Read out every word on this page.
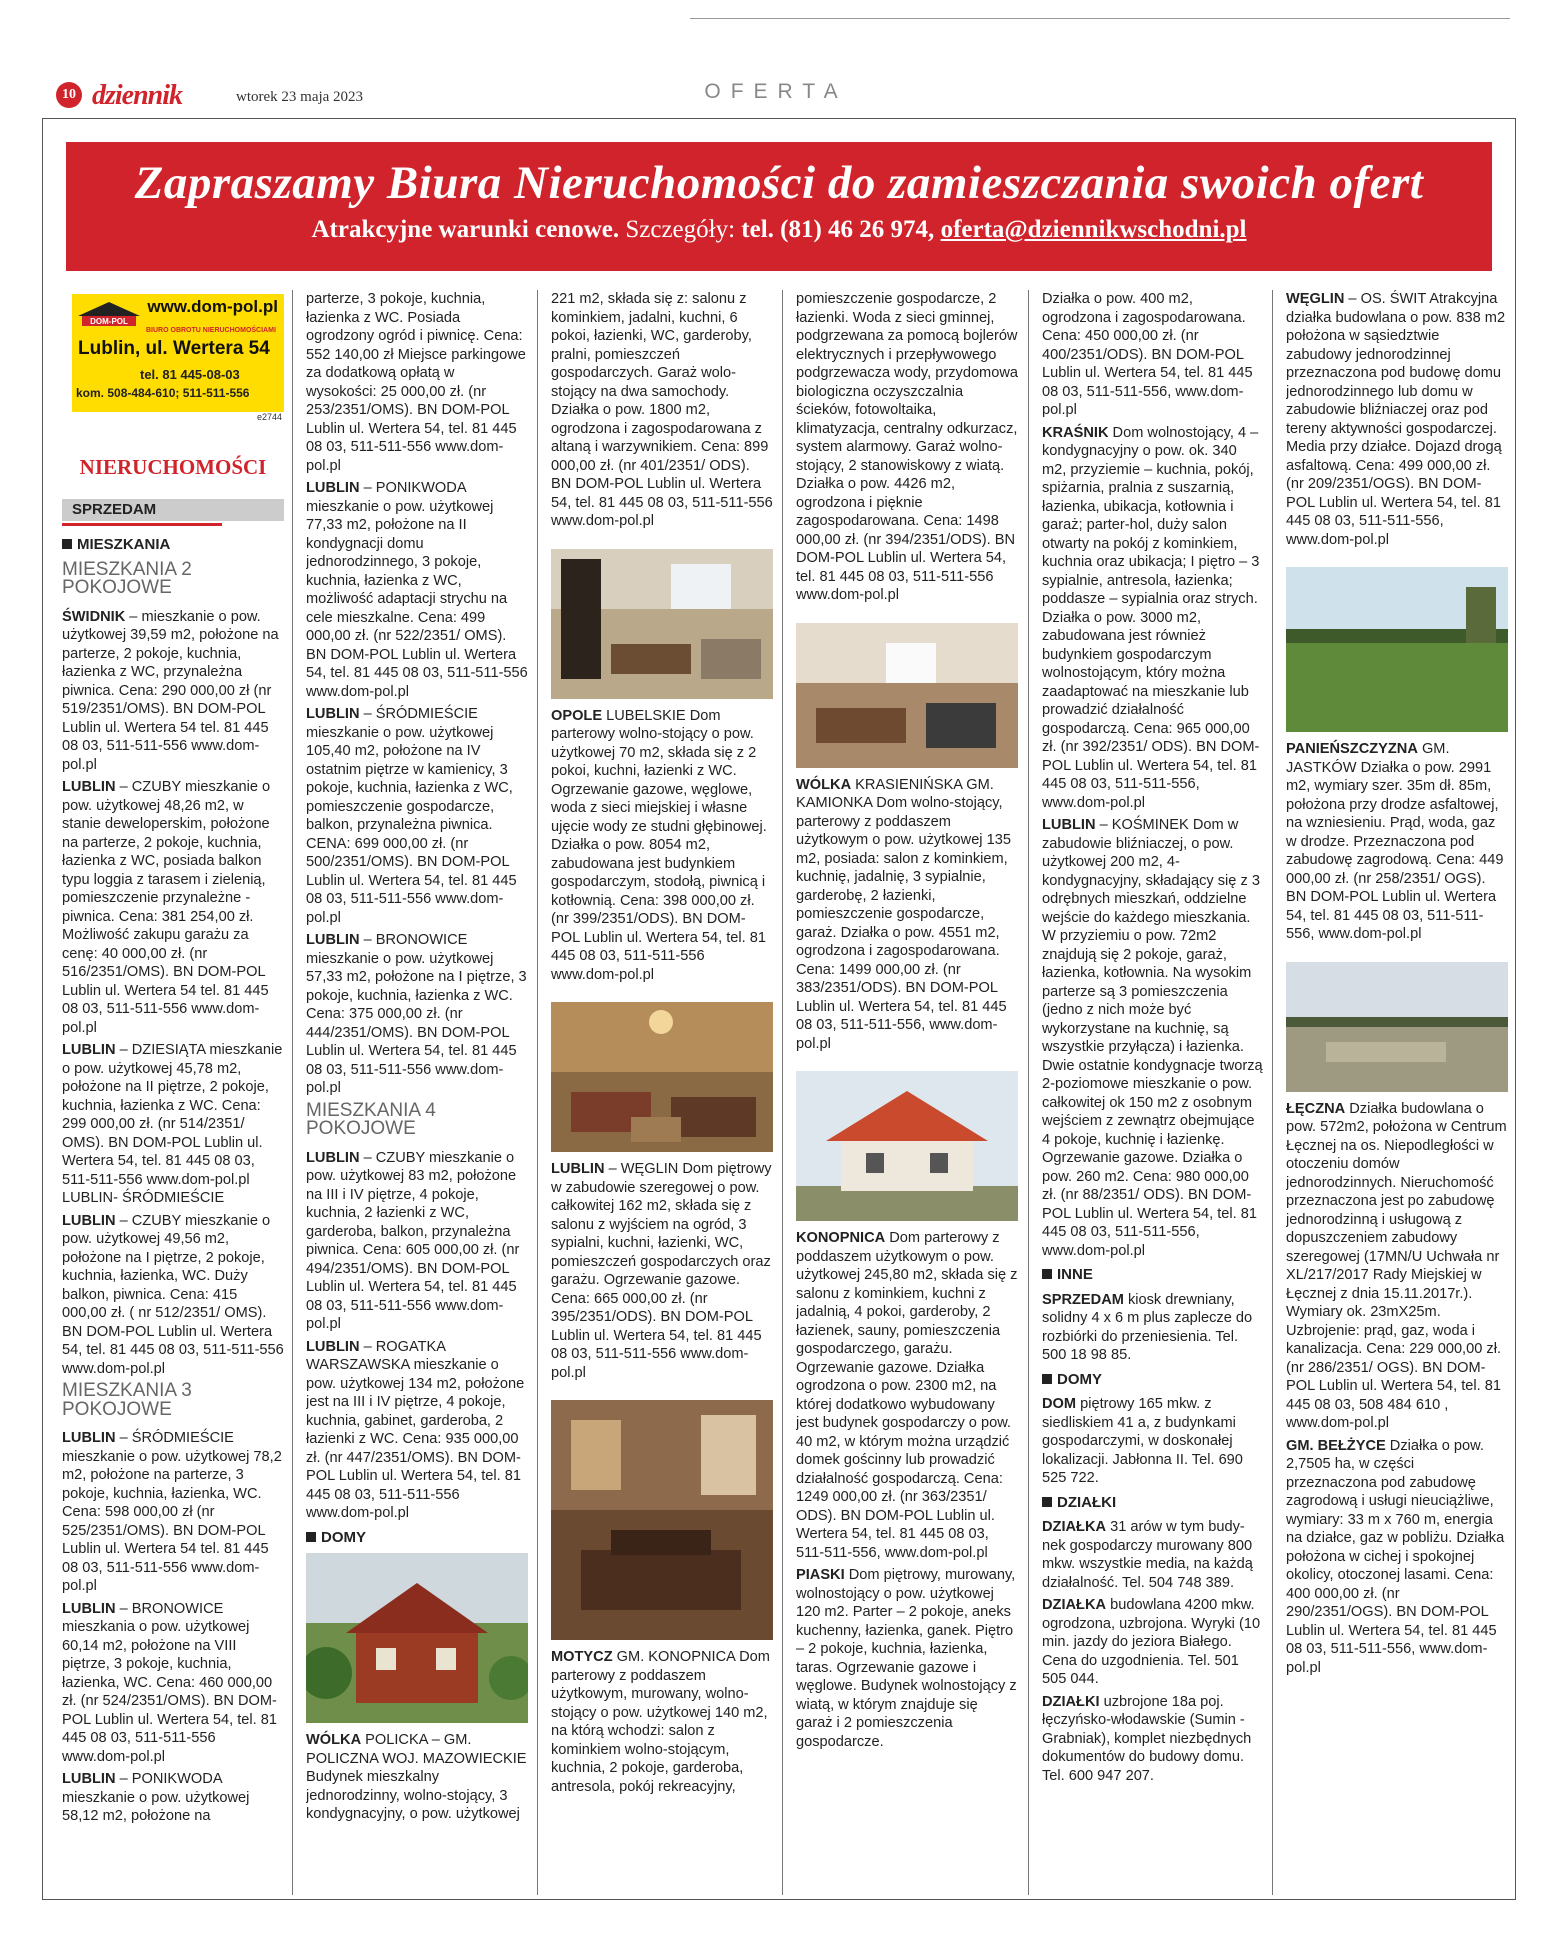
10 dziennik	wtorek 23 maja 2023	OFERTA
Zapraszamy Biura Nieruchomości do zamieszczania swoich ofert

Atrakcyjne warunki cenowe. Szczegóły: tel. (81) 46 26 974, oferta@dziennikwschodni.pl

DOM-POL
www.dom-pol.pl
BIURO OBROTU NIERUCHOMOŚCIAMI
Lublin, ul. Wertera 54
tel. 81 445-08-03
kom. 508-484-610; 511-511-556
e2744
NIERUCHOMOŚCI
SPRZEDAM
MIESZKANIA
MIESZKANIA 2 POKOJOWE

ŚWIDNIK – mieszkanie o pow. użytkowej 39,59 m2, położone na parterze, 2 pokoje, kuchnia, łazienka z WC, przynależna piwnica. Cena: 290 000,00 zł (nr 519/2351/OMS). BN DOM-POL Lublin ul. Wertera 54 tel. 81 445 08 03, 511-511-556 www.dom-pol.pl

LUBLIN – CZUBY mieszkanie o pow. użytkowej 48,26 m2, w stanie deweloperskim, położone na parterze, 2 pokoje, kuchnia, łazienka z WC, posiada balkon typu loggia z tarasem i zielenią, pomieszczenie przynależne - piwnica. Cena: 381 254,00 zł. Możliwość zakupu garażu za cenę: 40 000,00 zł. (nr 516/2351/OMS). BN DOM-POL Lublin ul. Wertera 54 tel. 81 445 08 03, 511-511-556 www.dom-pol.pl

LUBLIN – DZIESIĄTA mieszkanie o pow. użytkowej 45,78 m2, położone na II piętrze, 2 pokoje, kuchnia, łazienka z WC. Cena: 299 000,00 zł. (nr 514/2351/ OMS). BN DOM-POL Lublin ul. Wertera 54, tel. 81 445 08 03, 511-511-556 www.dom-pol.pl LUBLIN- ŚRÓDMIEŚCIE

LUBLIN – CZUBY mieszkanie o pow. użytkowej 49,56 m2, położone na I piętrze, 2 pokoje, kuchnia, łazienka, WC. Duży balkon, piwnica. Cena: 415 000,00 zł. ( nr 512/2351/ OMS). BN DOM-POL Lublin ul. Wertera 54, tel. 81 445 08 03, 511-511-556 www.dom-pol.pl

MIESZKANIA 3 POKOJOWE

LUBLIN – ŚRÓDMIEŚCIE mieszkanie o pow. użytkowej 78,2 m2, położone na parterze, 3 pokoje, kuchnia, łazienka, WC. Cena: 598 000,00 zł (nr 525/2351/OMS). BN DOM-POL Lublin ul. Wertera 54 tel. 81 445 08 03, 511-511-556 www.dom-pol.pl

LUBLIN – BRONOWICE mieszkania o pow. użytkowej 60,14 m2, położone na VIII piętrze, 3 pokoje, kuchnia, łazienka, WC. Cena: 460 000,00 zł. (nr 524/2351/OMS). BN DOM-POL Lublin ul. Wertera 54, tel. 81 445 08 03, 511-511-556 www.dom-pol.pl

LUBLIN – PONIKWODA mieszkanie o pow. użytkowej 58,12 m2, położone na

parterze, 3 pokoje, kuchnia, łazienka z WC. Posiada ogrodzony ogród i piwnicę. Cena: 552 140,00 zł Miejsce parkingowe za dodatkową opłatą w wysokości: 25 000,00 zł. (nr 253/2351/OMS). BN DOM-POL Lublin ul. Wertera 54, tel. 81 445 08 03, 511-511-556 www.dom-pol.pl

LUBLIN – PONIKWODA mieszkanie o pow. użytkowej 77,33 m2, położone na II kondygnacji domu jednorodzinnego, 3 pokoje, kuchnia, łazienka z WC, możliwość adaptacji strychu na cele mieszkalne. Cena: 499 000,00 zł. (nr 522/2351/ OMS). BN DOM-POL Lublin ul. Wertera 54, tel. 81 445 08 03, 511-511-556 www.dom-pol.pl

LUBLIN – ŚRÓDMIEŚCIE mieszkanie o pow. użytkowej 105,40 m2, położone na IV ostatnim piętrze w kamienicy, 3 pokoje, kuchnia, łazienka z WC, pomieszczenie gospodarcze, balkon, przynależna piwnica. CENA: 699 000,00 zł. (nr 500/2351/OMS). BN DOM-POL Lublin ul. Wertera 54, tel. 81 445 08 03, 511-511-556 www.dom-pol.pl

LUBLIN – BRONOWICE mieszkanie o pow. użytkowej 57,33 m2, położone na I piętrze, 3 pokoje, kuchnia, łazienka z WC. Cena: 375 000,00 zł. (nr 444/2351/OMS). BN DOM-POL Lublin ul. Wertera 54, tel. 81 445 08 03, 511-511-556 www.dom-pol.pl

MIESZKANIA 4 POKOJOWE

LUBLIN – CZUBY mieszkanie o pow. użytkowej 83 m2, położone na III i IV piętrze, 4 pokoje, kuchnia, 2 łazienki z WC, garderoba, balkon, przynależna piwnica. Cena: 605 000,00 zł. (nr 494/2351/OMS). BN DOM-POL Lublin ul. Wertera 54, tel. 81 445 08 03, 511-511-556 www.dom-pol.pl

LUBLIN – ROGATKA WARSZAWSKA mieszkanie o pow. użytkowej 134 m2, położone jest na III i IV piętrze, 4 pokoje, kuchnia, gabinet, garderoba, 2 łazienki z WC. Cena: 935 000,00 zł. (nr 447/2351/OMS). BN DOM-POL Lublin ul. Wertera 54, tel. 81 445 08 03, 511-511-556 www.dom-pol.pl

DOMY

WÓLKA POLICKA – GM. POLICZNA WOJ. MAZOWIECKIE Budynek mieszkalny jednorodzinny, wolno-stojący, 3 kondygnacyjny, o pow. użytkowej

221 m2, składa się z: salonu z kominkiem, jadalni, kuchni, 6 pokoi, łazienki, WC, garderoby, pralni, pomieszczeń gospodarczych. Garaż wolo-stojący na dwa samochody. Działka o pow. 1800 m2, ogrodzona i zagospodarowana z altaną i warzywnikiem. Cena: 899 000,00 zł. (nr 401/2351/ ODS). BN DOM-POL Lublin ul. Wertera 54, tel. 81 445 08 03, 511-511-556 www.dom-pol.pl

OPOLE LUBELSKIE Dom parterowy wolno-stojący o pow. użytkowej 70 m2, składa się z 2 pokoi, kuchni, łazienki z WC. Ogrzewanie gazowe, węglowe, woda z sieci miejskiej i własne ujęcie wody ze studni głębinowej. Działka o pow. 8054 m2, zabudowana jest budynkiem gospodarczym, stodołą, piwnicą i kotłownią. Cena: 398 000,00 zł. (nr 399/2351/ODS). BN DOM-POL Lublin ul. Wertera 54, tel. 81 445 08 03, 511-511-556 www.dom-pol.pl

LUBLIN – WĘGLIN Dom piętrowy w zabudowie szeregowej o pow. całkowitej 162 m2, składa się z salonu z wyjściem na ogród, 3 sypialni, kuchni, łazienki, WC, pomieszczeń gospodarczych oraz garażu. Ogrzewanie gazowe. Cena: 665 000,00 zł. (nr 395/2351/ODS). BN DOM-POL Lublin ul. Wertera 54, tel. 81 445 08 03, 511-511-556 www.dom-pol.pl

MOTYCZ GM. KONOPNICA Dom parterowy z poddaszem użytkowym, murowany, wolno-stojący o pow. użytkowej 140 m2, na którą wchodzi: salon z kominkiem wolno-stojącym, kuchnia, 2 pokoje, garderoba, antresola, pokój rekreacyjny,

pomieszczenie gospodarcze, 2 łazienki. Woda z sieci gminnej, podgrzewana za pomocą bojlerów elektrycznych i przepływowego podgrzewacza wody, przydomowa biologiczna oczyszczalnia ścieków, fotowoltaika, klimatyzacja, centralny odkurzacz, system alarmowy. Garaż wolno-stojący, 2 stanowiskowy z wiatą. Działka o pow. 4426 m2, ogrodzona i pięknie zagospodarowana. Cena: 1498 000,00 zł. (nr 394/2351/ODS). BN DOM-POL Lublin ul. Wertera 54, tel. 81 445 08 03, 511-511-556 www.dom-pol.pl

WÓLKA KRASIENIŃSKA GM. KAMIONKA Dom wolno-stojący, parterowy z poddaszem użytkowym o pow. użytkowej 135 m2, posiada: salon z kominkiem, kuchnię, jadalnię, 3 sypialnie, garderobę, 2 łazienki, pomieszczenie gospodarcze, garaż. Działka o pow. 4551 m2, ogrodzona i zagospodarowana. Cena: 1499 000,00 zł. (nr 383/2351/ODS). BN DOM-POL Lublin ul. Wertera 54, tel. 81 445 08 03, 511-511-556, www.dom-pol.pl

KONOPNICA Dom parterowy z poddaszem użytkowym o pow. użytkowej 245,80 m2, składa się z salonu z kominkiem, kuchni z jadalnią, 4 pokoi, garderoby, 2 łazienek, sauny, pomieszczenia gospodarczego, garażu. Ogrzewanie gazowe. Działka ogrodzona o pow. 2300 m2, na której dodatkowo wybudowany jest budynek gospodarczy o pow. 40 m2, w którym można urządzić domek gościnny lub prowadzić działalność gospodarczą. Cena: 1249 000,00 zł. (nr 363/2351/ ODS). BN DOM-POL Lublin ul. Wertera 54, tel. 81 445 08 03, 511-511-556, www.dom-pol.pl

PIASKI Dom piętrowy, murowany, wolnostojący o pow. użytkowej 120 m2. Parter – 2 pokoje, aneks kuchenny, łazienka, ganek. Piętro – 2 pokoje, kuchnia, łazienka, taras. Ogrzewanie gazowe i węglowe. Budynek wolnostojący z wiatą, w którym znajduje się garaż i 2 pomieszczenia gospodarcze.

Działka o pow. 400 m2, ogrodzona i zagospodarowana. Cena: 450 000,00 zł. (nr 400/2351/ODS). BN DOM-POL Lublin ul. Wertera 54, tel. 81 445 08 03, 511-511-556, www.dom-pol.pl

KRAŚNIK Dom wolnostojący, 4 – kondygnacyjny o pow. ok. 340 m2, przyziemie – kuchnia, pokój, spiżarnia, pralnia z suszarnią, łazienka, ubikacja, kotłownia i garaż; parter-hol, duży salon otwarty na pokój z kominkiem, kuchnia oraz ubikacja; I piętro – 3 sypialnie, antresola, łazienka; poddasze – sypialnia oraz strych. Działka o pow. 3000 m2, zabudowana jest również budynkiem gospodarczym wolnostojącym, który można zaadaptować na mieszkanie lub prowadzić działalność gospodarczą. Cena: 965 000,00 zł. (nr 392/2351/ ODS). BN DOM-POL Lublin ul. Wertera 54, tel. 81 445 08 03, 511-511-556, www.dom-pol.pl

LUBLIN – KOŚMINEK Dom w zabudowie bliźniaczej, o pow. użytkowej 200 m2, 4-kondygnacyjny, składający się z 3 odrębnych mieszkań, oddzielne wejście do każdego mieszkania. W przyziemiu o pow. 72m2 znajdują się 2 pokoje, garaż, łazienka, kotłownia. Na wysokim parterze są 3 pomieszczenia (jedno z nich może być wykorzystane na kuchnię, są wszystkie przyłącza) i łazienka. Dwie ostatnie kondygnacje tworzą 2-poziomowe mieszkanie o pow. całkowitej ok 150 m2 z osobnym wejściem z zewnątrz obejmujące 4 pokoje, kuchnię i łazienkę. Ogrzewanie gazowe. Działka o pow. 260 m2. Cena: 980 000,00 zł. (nr 88/2351/ ODS). BN DOM-POL Lublin ul. Wertera 54, tel. 81 445 08 03, 511-511-556, www.dom-pol.pl

INNE

SPRZEDAM kiosk drewniany, solidny 4 x 6 m plus zaplecze do rozbiórki do przeniesienia. Tel. 500 18 98 85.

DOMY

DOM piętrowy 165 mkw. z siedliskiem 41 a, z budynkami gospodarczymi, w doskonałej lokalizacji. Jabłonna II. Tel. 690 525 722.

DZIAŁKI

DZIAŁKA 31 arów w tym budy-nek gospodarczy murowany 800 mkw. wszystkie media, na każdą działalność. Tel. 504 748 389.

DZIAŁKA budowlana 4200 mkw. ogrodzona, uzbrojona. Wyryki (10 min. jazdy do jeziora Białego. Cena do uzgodnienia. Tel. 501 505 044.

DZIAŁKI uzbrojone 18a poj. łęczyńsko-włodawskie (Sumin - Grabniak), komplet niezbędnych dokumentów do budowy domu. Tel. 600 947 207.

WĘGLIN – OS. ŚWIT Atrakcyjna działka budowlana o pow. 838 m2 położona w sąsiedztwie zabudowy jednorodzinnej przeznaczona pod budowę domu jednorodzinnego lub domu w zabudowie bliźniaczej oraz pod tereny aktywności gospodarczej. Media przy działce. Dojazd drogą asfaltową. Cena: 499 000,00 zł. (nr 209/2351/OGS). BN DOM-POL Lublin ul. Wertera 54, tel. 81 445 08 03, 511-511-556, www.dom-pol.pl

PANIEŃSZCZYZNA GM. JASTKÓW Działka o pow. 2991 m2, wymiary szer. 35m dł. 85m, położona przy drodze asfaltowej, na wzniesieniu. Prąd, woda, gaz w drodze. Przeznaczona pod zabudowę zagrodową. Cena: 449 000,00 zł. (nr 258/2351/ OGS). BN DOM-POL Lublin ul. Wertera 54, tel. 81 445 08 03, 511-511-556, www.dom-pol.pl

ŁĘCZNA Działka budowlana o pow. 572m2, położona w Centrum Łęcznej na os. Niepodległości w otoczeniu domów jednorodzinnych. Nieruchomość przeznaczona jest po zabudowę jednorodzinną i usługową z dopuszczeniem zabudowy szeregowej (17MN/U Uchwała nr XL/217/2017 Rady Miejskiej w Łęcznej z dnia 15.11.2017r.). Wymiary ok. 23mX25m. Uzbrojenie: prąd, gaz, woda i kanalizacja. Cena: 229 000,00 zł. (nr 286/2351/ OGS). BN DOM-POL Lublin ul. Wertera 54, tel. 81 445 08 03, 508 484 610 , www.dom-pol.pl

GM. BEŁŻYCE Działka o pow. 2,7505 ha, w części przeznaczona pod zabudowę zagrodową i usługi nieuciążliwe, wymiary: 33 m x 760 m, energia na działce, gaz w pobliżu. Działka położona w cichej i spokojnej okolicy, otoczonej lasami. Cena: 400 000,00 zł. (nr 290/2351/OGS). BN DOM-POL Lublin ul. Wertera 54, tel. 81 445 08 03, 511-511-556, www.dom-pol.pl
